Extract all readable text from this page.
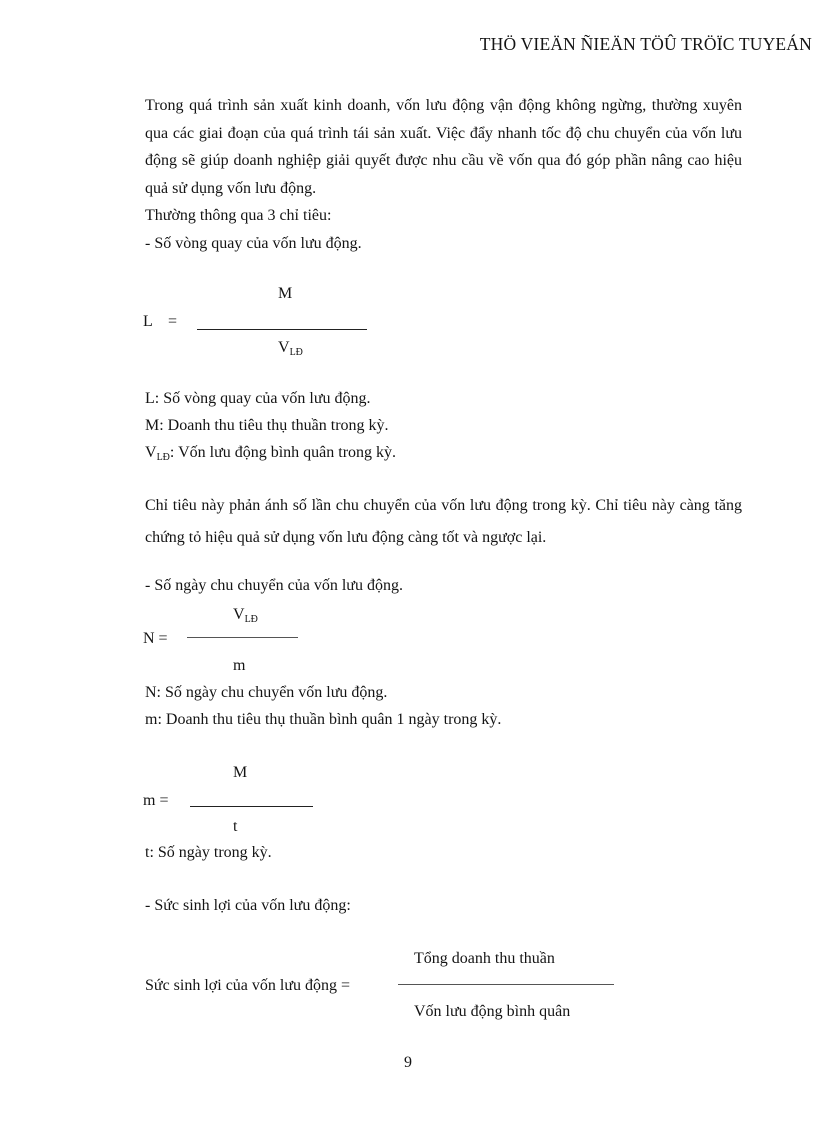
THÖ VIEÄN ÑIEÄN TÖÛ TRÖÏC TUYEÁN
Trong quá trình sản xuất kinh doanh, vốn lưu động vận động không ngừng, thường xuyên qua các giai đoạn của quá trình tái sản xuất. Việc đẩy nhanh tốc độ chu chuyển của vốn lưu động sẽ giúp doanh nghiệp giải quyết được nhu cầu về vốn qua đó góp phần nâng cao hiệu quả sử dụng vốn lưu động.
Thường thông qua 3 chỉ tiêu:
- Số vòng quay của vốn lưu động.
M
L =
$V_{LĐ}$
L: Số vòng quay của vốn lưu động.
M: Doanh thu tiêu thụ thuần trong kỳ.
$V_{LĐ}$: Vốn lưu động bình quân trong kỳ.
Chỉ tiêu này phản ánh số lần chu chuyển của vốn lưu động trong kỳ. Chỉ tiêu này càng tăng chứng tỏ hiệu quả sử dụng vốn lưu động càng tốt và ngược lại.
- Số ngày chu chuyển của vốn lưu động.
$V_{LĐ}$
N =
m
N: Số ngày chu chuyển vốn lưu động.
m: Doanh thu tiêu thụ thuần bình quân 1 ngày trong kỳ.
M
m =
t
t: Số ngày trong kỳ.
- Sức sinh lợi của vốn lưu động:
Tổng doanh thu thuần
Sức sinh lợi của vốn lưu động =
Vốn lưu động bình quân
9
